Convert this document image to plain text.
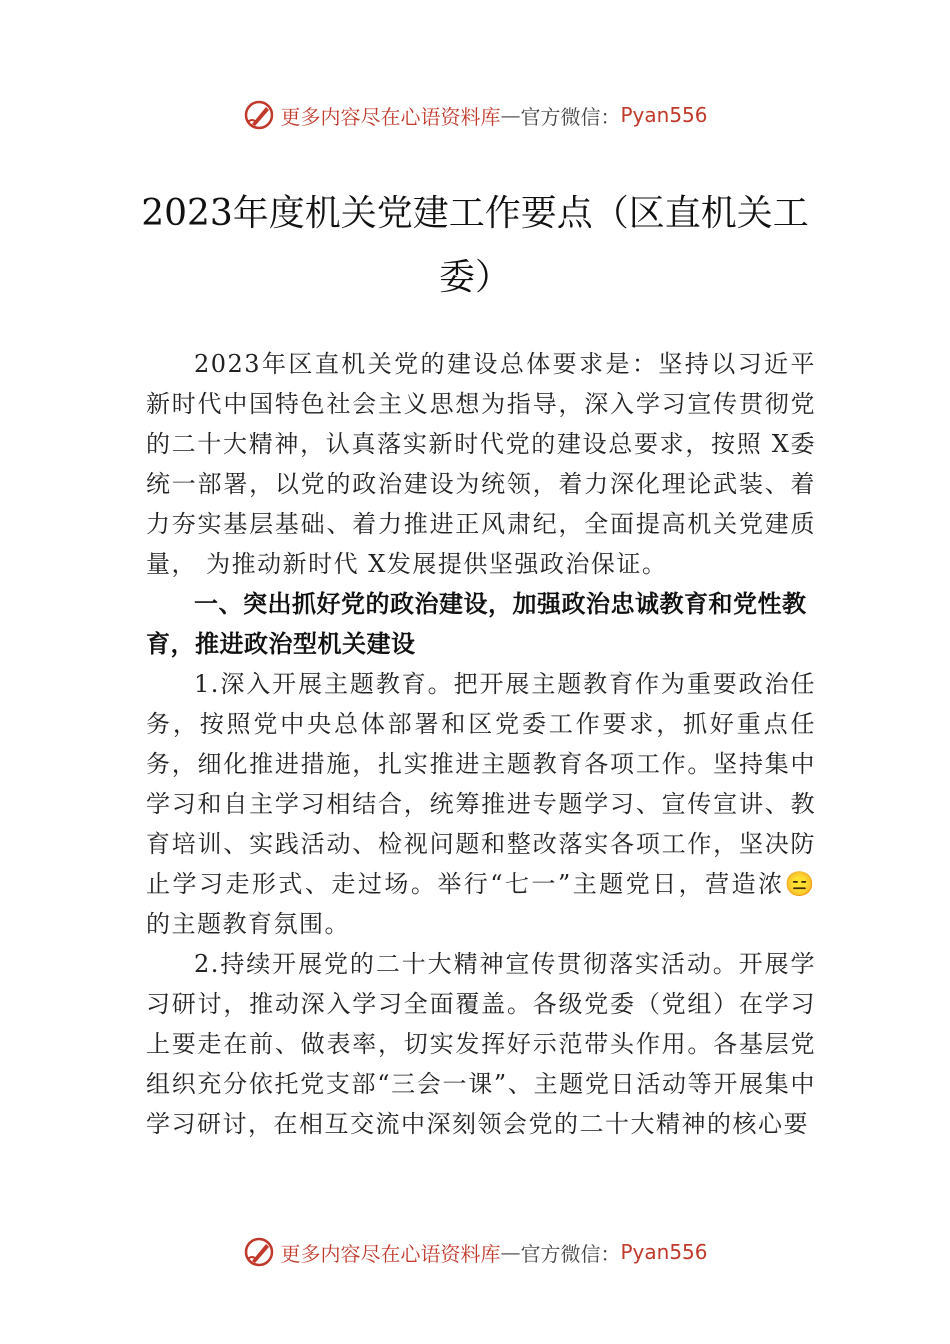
更多内容尽在心语资料库 — 官方微信： Pyan556
2023年度机关党建工作要点（区直机关工委）

2023年区直机关党的建设总体要求是：坚持以习近平新时代中国特色社会主义思想为指导，深入学习宣传贯彻党的二十大精神，认真落实新时代党的建设总要求，按照 X委统一部署，以党的政治建设为统领，着力深化理论武装、着力夯实基层基础、着力推进正风肃纪，全面提高机关党建质量， 为推动新时代 X发展提供坚强政治保证。

一、突出抓好党的政治建设，加强政治忠诚教育和党性教育，推进政治型机关建设

1.深入开展主题教育。把开展主题教育作为重要政治任务，按照党中央总体部署和区党委工作要求，抓好重点任务，细化推进措施，扎实推进主题教育各项工作。坚持集中学习和自主学习相结合，统筹推进专题学习、宣传宣讲、教育培训、实践活动、检视问题和整改落实各项工作，坚决防止学习走形式、走过场。举行“七一”主题党日，营造浓😑的主题教育氛围。

2.持续开展党的二十大精神宣传贯彻落实活动。开展学习研讨，推动深入学习全面覆盖。各级党委（党组）在学习上要走在前、做表率，切实发挥好示范带头作用。各基层党组织充分依托党支部“三会一课”、主题党日活动等开展集中学习研讨，在相互交流中深刻领会党的二十大精神的核心要

更多内容尽在心语资料库 — 官方微信： Pyan556
